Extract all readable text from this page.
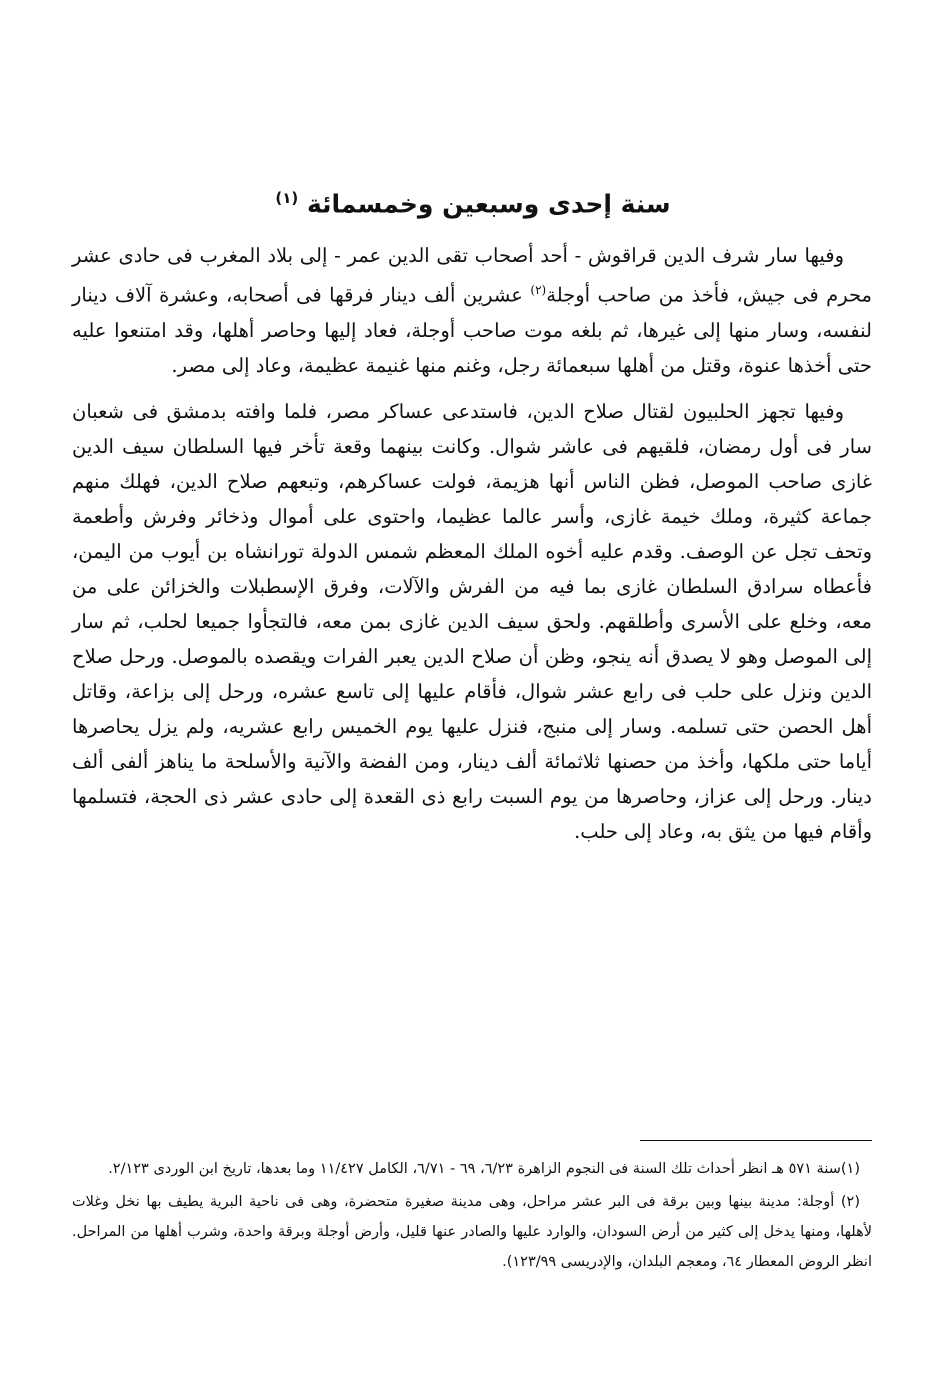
سنة إحدى وسبعين وخمسمائة $^{(١)}$

وفيها سار شرف الدين قراقوش - أحد أصحاب تقى الدين عمر - إلى بلاد المغرب فى حادى عشر محرم فى جيش، فأخذ من صاحب أوجلة$^{(٢)}$ عشرين ألف دينار فرقها فى أصحابه، وعشرة آلاف دينار لنفسه، وسار منها إلى غيرها، ثم بلغه موت صاحب أوجلة، فعاد إليها وحاصر أهلها، وقد امتنعوا عليه حتى أخذها عنوة، وقتل من أهلها سبعمائة رجل، وغنم منها غنيمة عظيمة، وعاد إلى مصر.

وفيها تجهز الحلبيون لقتال صلاح الدين، فاستدعى عساكر مصر، فلما وافته بدمشق فى شعبان سار فى أول رمضان، فلقيهم فى عاشر شوال. وكانت بينهما وقعة تأخر فيها السلطان سيف الدين غازى صاحب الموصل، فظن الناس أنها هزيمة، فولت عساكرهم، وتبعهم صلاح الدين، فهلك منهم جماعة كثيرة، وملك خيمة غازى، وأسر عالما عظيما، واحتوى على أموال وذخائر وفرش وأطعمة وتحف تجل عن الوصف. وقدم عليه أخوه الملك المعظم شمس الدولة تورانشاه بن أيوب من اليمن، فأعطاه سرادق السلطان غازى بما فيه من الفرش والآلات، وفرق الإسطبلات والخزائن على من معه، وخلع على الأسرى وأطلقهم. ولحق سيف الدين غازى بمن معه، فالتجأوا جميعا لحلب، ثم سار إلى الموصل وهو لا يصدق أنه ينجو، وظن أن صلاح الدين يعبر الفرات ويقصده بالموصل. ورحل صلاح الدين ونزل على حلب فى رابع عشر شوال، فأقام عليها إلى تاسع عشره، ورحل إلى بزاعة، وقاتل أهل الحصن حتى تسلمه. وسار إلى منبج، فنزل عليها يوم الخميس رابع عشريه، ولم يزل يحاصرها أياما حتى ملكها، وأخذ من حصنها ثلاثمائة ألف دينار، ومن الفضة والآنية والأسلحة ما يناهز ألفى ألف دينار. ورحل إلى عزاز، وحاصرها من يوم السبت رابع ذى القعدة إلى حادى عشر ذى الحجة، فتسلمها وأقام فيها من يثق به، وعاد إلى حلب.

(١)سنة ٥٧١ هـ انظر أحداث تلك السنة فى النجوم الزاهرة ٦/٢٣، ٦٩ - ٦/٧١، الكامل ١١/٤٢٧ وما بعدها، تاريخ ابن الوردى ٢/١٢٣.

(٢) أوجلة: مدينة بينها وبين برقة فى البر عشر مراحل، وهى مدينة صغيرة متحضرة، وهى فى ناحية البرية يطيف بها نخل وغلات لأهلها، ومنها يدخل إلى كثير من أرض السودان، والوارد عليها والصادر عنها قليل، وأرض أوجلة وبرقة واحدة، وشرب أهلها من المراحل. انظر الروض المعطار ٦٤، ومعجم البلدان، والإدريسى ١٢٣/٩٩).
